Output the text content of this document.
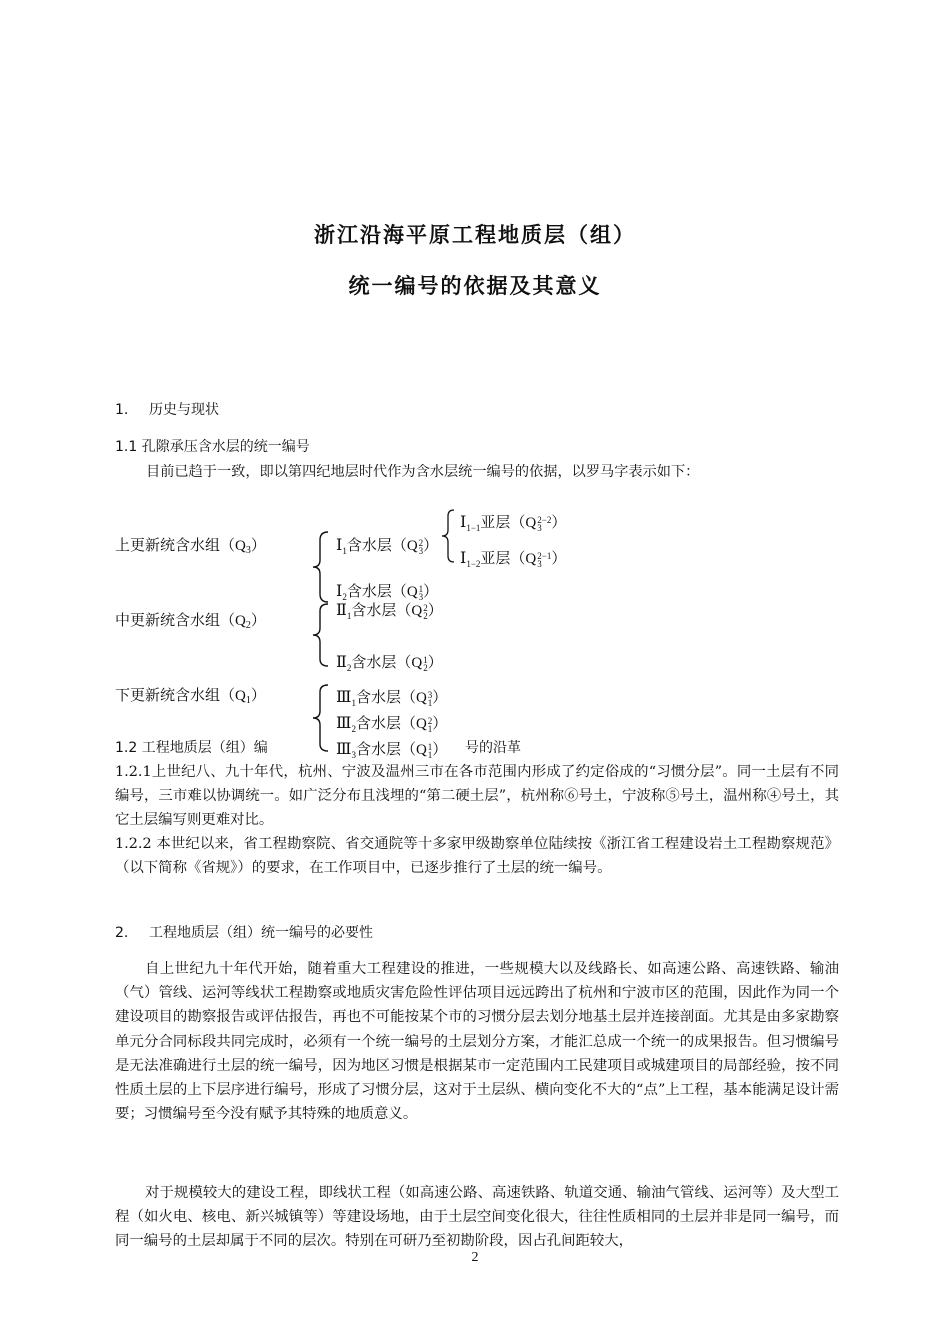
浙江沿海平原工程地质层（组）
统一编号的依据及其意义
1. 历史与现状
1.1 孔隙承压含水层的统一编号
目前已趋于一致，即以第四纪地层时代作为含水层统一编号的依据，以罗马字表示如下：
上更新统含水组$(Q_3)$
中更新统含水组$(Q_2)$
下更新统含水组$(Q_1)$
$Ⅰ_1$含水层（Q 2
3 ）
$Ⅰ_{1-1}$亚层（Q 2−2
3 ）
$Ⅰ_{1-2}$亚层（Q 2−1
3 ）
$Ⅰ_2$含水层（Q 1
3 ）
$Ⅱ_1$含水层（Q 2
2 ）
$Ⅱ_2$含水层（Q 1
2 ）
$Ⅲ_1$含水层（Q 3
1 ）
$Ⅲ_2$含水层（Q 2
1 ）
$Ⅲ_3$含水层（Q 1
1 ）
1.2 工程地质层（组）编	号的沿革
1.2.1上世纪八、九十年代，杭州、宁波及温州三市在各市范围内形成了约定俗成的“习惯分层”。同一土层有不同编号，三市难以协调统一。如广泛分布且浅埋的“第二硬土层”，杭州称⑥号土，宁波称⑤号土，温州称④号土，其它土层编写则更难对比。
1.2.2 本世纪以来，省工程勘察院、省交通院等十多家甲级勘察单位陆续按《浙江省工程建设岩土工程勘察规范》（以下简称《省规》）的要求，在工作项目中，已逐步推行了土层的统一编号。
2. 工程地质层（组）统一编号的必要性
自上世纪九十年代开始，随着重大工程建设的推进，一些规模大以及线路长、如高速公路、高速铁路、输油（气）管线、运河等线状工程勘察或地质灾害危险性评估项目远远跨出了杭州和宁波市区的范围，因此作为同一个建设项目的勘察报告或评估报告，再也不可能按某个市的习惯分层去划分地基土层并连接剖面。尤其是由多家勘察单元分合同标段共同完成时，必须有一个统一编号的土层划分方案，才能汇总成一个统一的成果报告。但习惯编号是无法准确进行土层的统一编号，因为地区习惯是根据某市一定范围内工民建项目或城建项目的局部经验，按不同性质土层的上下层序进行编号，形成了习惯分层，这对于土层纵、横向变化不大的“点”上工程，基本能满足设计需要；习惯编号至今没有赋予其特殊的地质意义。
对于规模较大的建设工程，即线状工程（如高速公路、高速铁路、轨道交通、输油气管线、运河等）及大型工程（如火电、核电、新兴城镇等）等建设场地，由于土层空间变化很大，往往性质相同的土层并非是同一编号，而同一编号的土层却属于不同的层次。特别在可研乃至初勘阶段，因占孔间距较大，
2
